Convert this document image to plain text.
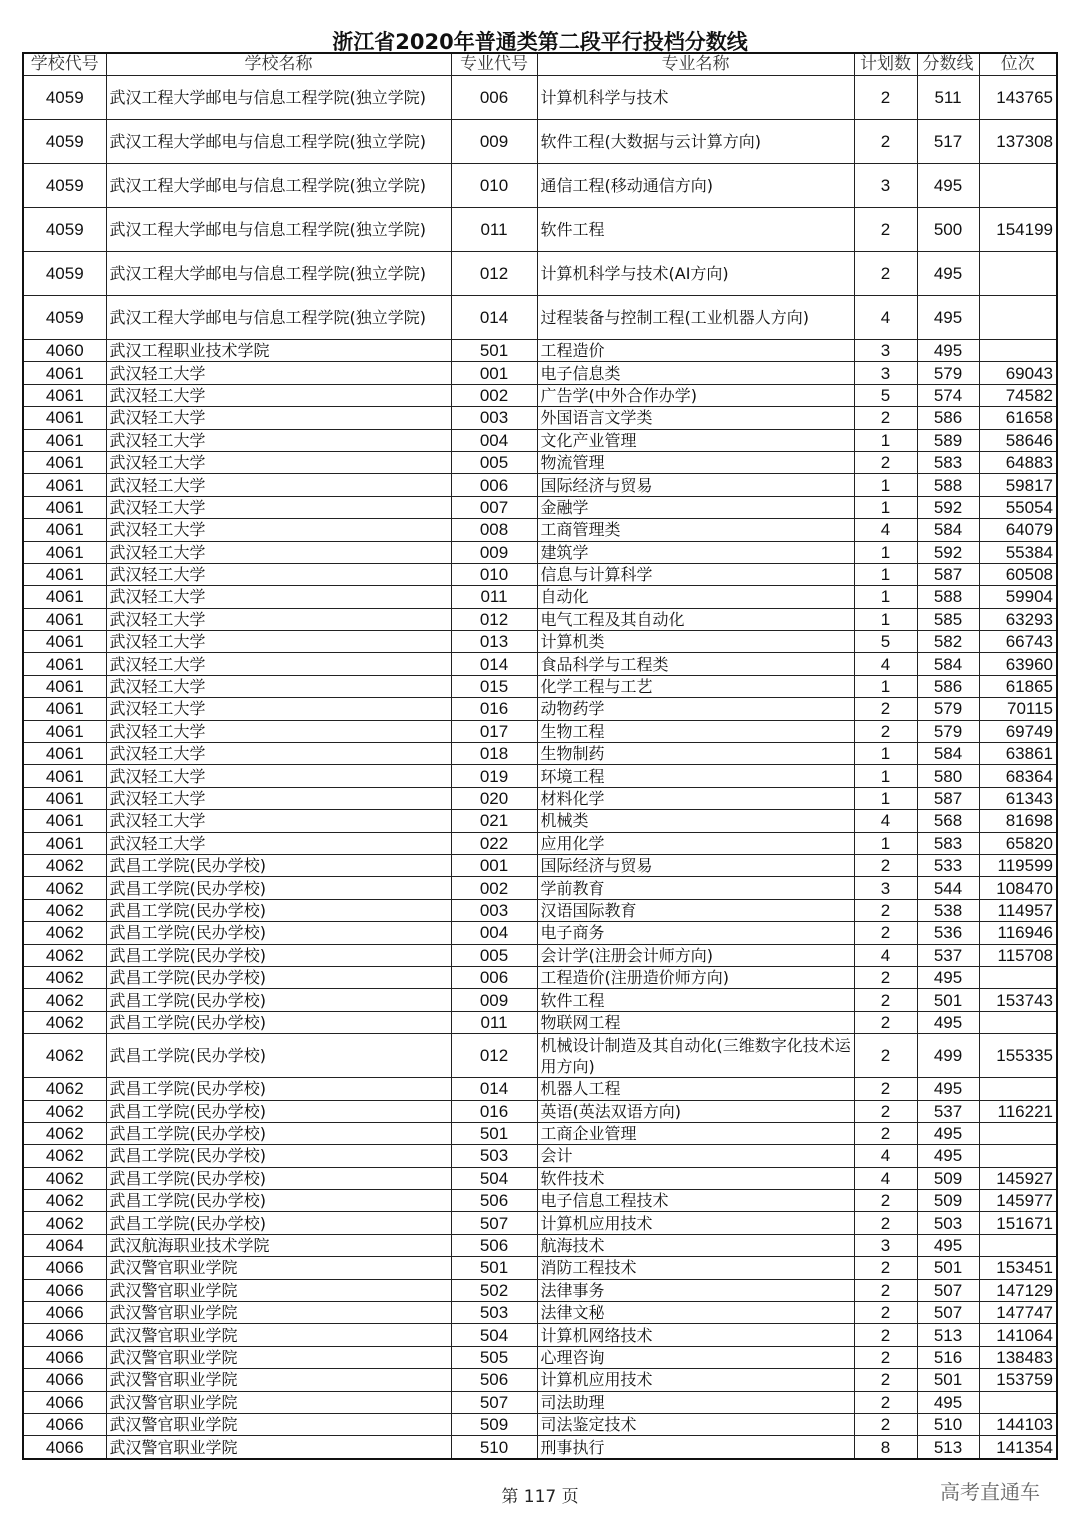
浙江省2020年普通类第二段平行投档分数线
学校代号	学校名称	专业代号	专业名称	计划数	分数线	位次
4059	武汉工程大学邮电与信息工程学院(独立学院)	006	计算机科学与技术	2	511	143765
4059	武汉工程大学邮电与信息工程学院(独立学院)	009	软件工程(大数据与云计算方向)	2	517	137308
4059	武汉工程大学邮电与信息工程学院(独立学院)	010	通信工程(移动通信方向)	3	495	
4059	武汉工程大学邮电与信息工程学院(独立学院)	011	软件工程	2	500	154199
4059	武汉工程大学邮电与信息工程学院(独立学院)	012	计算机科学与技术(AI方向)	2	495	
4059	武汉工程大学邮电与信息工程学院(独立学院)	014	过程装备与控制工程(工业机器人方向)	4	495	
4060	武汉工程职业技术学院	501	工程造价	3	495	
4061	武汉轻工大学	001	电子信息类	3	579	69043
4061	武汉轻工大学	002	广告学(中外合作办学)	5	574	74582
4061	武汉轻工大学	003	外国语言文学类	2	586	61658
4061	武汉轻工大学	004	文化产业管理	1	589	58646
4061	武汉轻工大学	005	物流管理	2	583	64883
4061	武汉轻工大学	006	国际经济与贸易	1	588	59817
4061	武汉轻工大学	007	金融学	1	592	55054
4061	武汉轻工大学	008	工商管理类	4	584	64079
4061	武汉轻工大学	009	建筑学	1	592	55384
4061	武汉轻工大学	010	信息与计算科学	1	587	60508
4061	武汉轻工大学	011	自动化	1	588	59904
4061	武汉轻工大学	012	电气工程及其自动化	1	585	63293
4061	武汉轻工大学	013	计算机类	5	582	66743
4061	武汉轻工大学	014	食品科学与工程类	4	584	63960
4061	武汉轻工大学	015	化学工程与工艺	1	586	61865
4061	武汉轻工大学	016	动物药学	2	579	70115
4061	武汉轻工大学	017	生物工程	2	579	69749
4061	武汉轻工大学	018	生物制药	1	584	63861
4061	武汉轻工大学	019	环境工程	1	580	68364
4061	武汉轻工大学	020	材料化学	1	587	61343
4061	武汉轻工大学	021	机械类	4	568	81698
4061	武汉轻工大学	022	应用化学	1	583	65820
4062	武昌工学院(民办学校)	001	国际经济与贸易	2	533	119599
4062	武昌工学院(民办学校)	002	学前教育	3	544	108470
4062	武昌工学院(民办学校)	003	汉语国际教育	2	538	114957
4062	武昌工学院(民办学校)	004	电子商务	2	536	116946
4062	武昌工学院(民办学校)	005	会计学(注册会计师方向)	4	537	115708
4062	武昌工学院(民办学校)	006	工程造价(注册造价师方向)	2	495	
4062	武昌工学院(民办学校)	009	软件工程	2	501	153743
4062	武昌工学院(民办学校)	011	物联网工程	2	495	
4062	武昌工学院(民办学校)	012	机械设计制造及其自动化(三维数字化技术运用方向)	2	499	155335
4062	武昌工学院(民办学校)	014	机器人工程	2	495	
4062	武昌工学院(民办学校)	016	英语(英法双语方向)	2	537	116221
4062	武昌工学院(民办学校)	501	工商企业管理	2	495	
4062	武昌工学院(民办学校)	503	会计	4	495	
4062	武昌工学院(民办学校)	504	软件技术	4	509	145927
4062	武昌工学院(民办学校)	506	电子信息工程技术	2	509	145977
4062	武昌工学院(民办学校)	507	计算机应用技术	2	503	151671
4064	武汉航海职业技术学院	506	航海技术	3	495	
4066	武汉警官职业学院	501	消防工程技术	2	501	153451
4066	武汉警官职业学院	502	法律事务	2	507	147129
4066	武汉警官职业学院	503	法律文秘	2	507	147747
4066	武汉警官职业学院	504	计算机网络技术	2	513	141064
4066	武汉警官职业学院	505	心理咨询	2	516	138483
4066	武汉警官职业学院	506	计算机应用技术	2	501	153759
4066	武汉警官职业学院	507	司法助理	2	495	
4066	武汉警官职业学院	509	司法鉴定技术	2	510	144103
4066	武汉警官职业学院	510	刑事执行	8	513	141354
第 117 页	高考直通车
